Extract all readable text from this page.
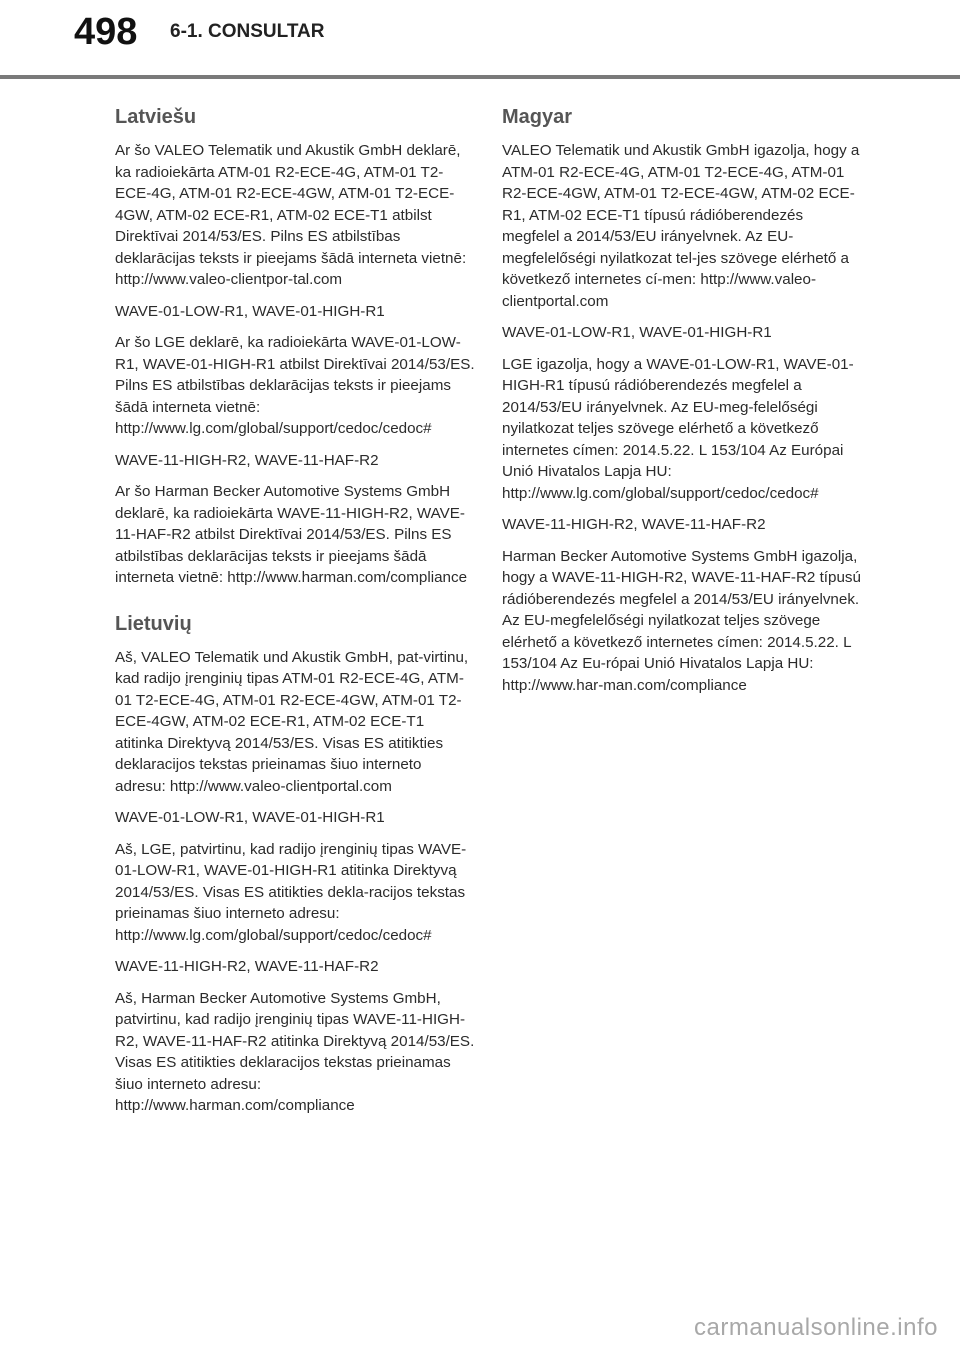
498 6-1. CONSULTAR
Latviešu

Ar šo VALEO Telematik und Akustik GmbH deklarē, ka radioiekārta ATM-01 R2-ECE-4G, ATM-01 T2-ECE-4G, ATM-01 R2-ECE-4GW, ATM-01 T2-ECE-4GW, ATM-02 ECE-R1, ATM-02 ECE-T1 atbilst Direktīvai 2014/53/ES. Pilns ES atbilstības deklarācijas teksts ir pieejams šādā interneta vietnē: http://www.valeo-clientpor-tal.com

WAVE-01-LOW-R1, WAVE-01-HIGH-R1

Ar šo LGE deklarē, ka radioiekārta WAVE-01-LOW-R1, WAVE-01-HIGH-R1 atbilst Direktīvai 2014/53/ES. Pilns ES atbilstības deklarācijas teksts ir pieejams šādā interneta vietnē: http://www.lg.com/global/support/cedoc/cedoc#

WAVE-11-HIGH-R2, WAVE-11-HAF-R2

Ar šo Harman Becker Automotive Systems GmbH deklarē, ka radioiekārta WAVE-11-HIGH-R2, WAVE-11-HAF-R2 atbilst Direktīvai 2014/53/ES. Pilns ES atbilstības deklarācijas teksts ir pieejams šādā interneta vietnē: http://www.harman.com/compliance

Lietuvių

Aš, VALEO Telematik und Akustik GmbH, pat-virtinu, kad radijo įrenginių tipas ATM-01 R2-ECE-4G, ATM-01 T2-ECE-4G, ATM-01 R2-ECE-4GW, ATM-01 T2-ECE-4GW, ATM-02 ECE-R1, ATM-02 ECE-T1 atitinka Direktyvą 2014/53/ES. Visas ES atitikties deklaracijos tekstas prieinamas šiuo interneto adresu: http://www.valeo-clientportal.com

WAVE-01-LOW-R1, WAVE-01-HIGH-R1

Aš, LGE, patvirtinu, kad radijo įrenginių tipas WAVE-01-LOW-R1, WAVE-01-HIGH-R1 atitinka Direktyvą 2014/53/ES. Visas ES atitikties dekla-racijos tekstas prieinamas šiuo interneto adresu: http://www.lg.com/global/support/cedoc/cedoc#

WAVE-11-HIGH-R2, WAVE-11-HAF-R2

Aš, Harman Becker Automotive Systems GmbH, patvirtinu, kad radijo įrenginių tipas WAVE-11-HIGH-R2, WAVE-11-HAF-R2 atitinka Direktyvą 2014/53/ES. Visas ES atitikties deklaracijos tekstas prieinamas šiuo interneto adresu: http://www.harman.com/compliance

Magyar

VALEO Telematik und Akustik GmbH igazolja, hogy a ATM-01 R2-ECE-4G, ATM-01 T2-ECE-4G, ATM-01 R2-ECE-4GW, ATM-01 T2-ECE-4GW, ATM-02 ECE-R1, ATM-02 ECE-T1 típusú rádióberendezés megfelel a 2014/53/EU irányelvnek. Az EU-megfelelőségi nyilatkozat tel-jes szövege elérhető a következő internetes cí-men: http://www.valeo-clientportal.com

WAVE-01-LOW-R1, WAVE-01-HIGH-R1

LGE igazolja, hogy a WAVE-01-LOW-R1, WAVE-01-HIGH-R1 típusú rádióberendezés megfelel a 2014/53/EU irányelvnek. Az EU-meg-felelőségi nyilatkozat teljes szövege elérhető a következő internetes címen: 2014.5.22. L 153/104 Az Európai Unió Hivatalos Lapja HU: http://www.lg.com/global/support/cedoc/cedoc#

WAVE-11-HIGH-R2, WAVE-11-HAF-R2

Harman Becker Automotive Systems GmbH igazolja, hogy a WAVE-11-HIGH-R2, WAVE-11-HAF-R2 típusú rádióberendezés megfelel a 2014/53/EU irányelvnek. Az EU-megfelelőségi nyilatkozat teljes szövege elérhető a következő internetes címen: 2014.5.22. L 153/104 Az Eu-rópai Unió Hivatalos Lapja HU: http://www.har-man.com/compliance

carmanualsonline.info
